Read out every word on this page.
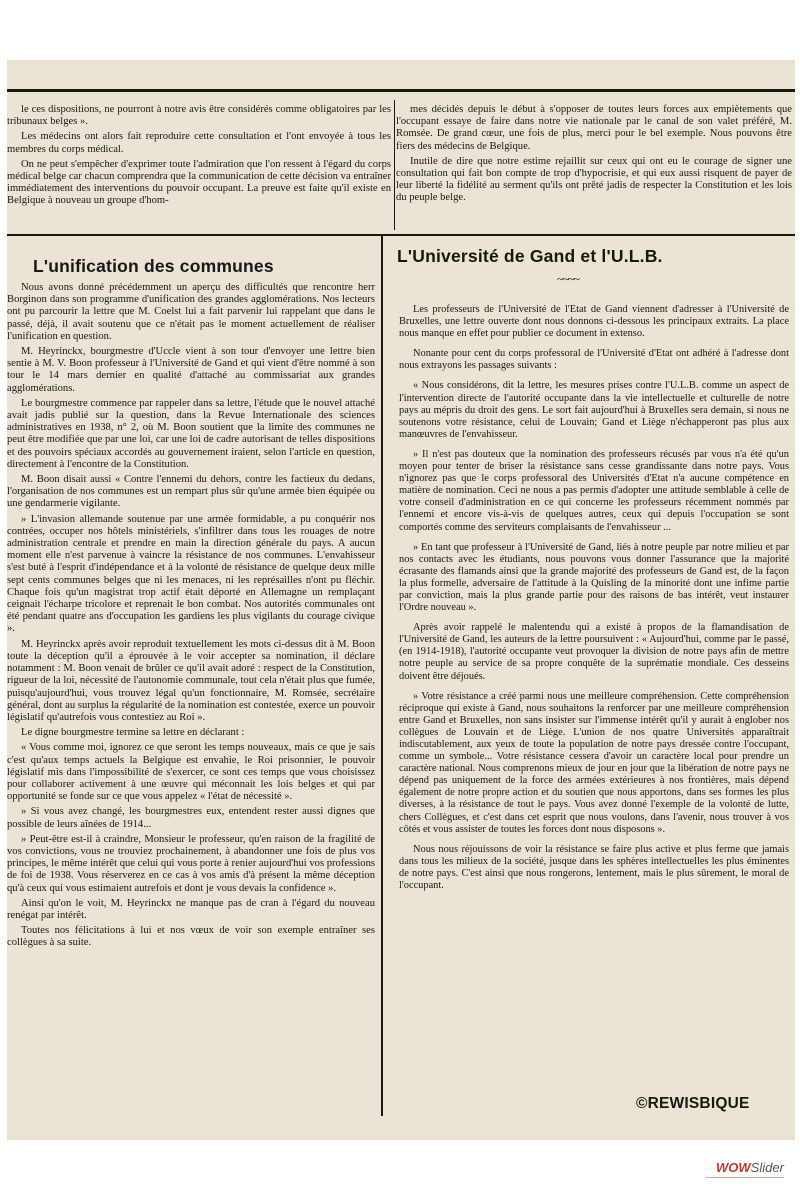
le ces dispositions, ne pourront à notre avis être considérés comme obligatoires par les tribunaux belges ».

Les médecins ont alors fait reproduire cette consultation et l'ont envoyée à tous les membres du corps médical.

On ne peut s'empêcher d'exprimer toute l'admiration que l'on ressent à l'égard du corps médical belge car chacun comprendra que la communication de cette décision va entraîner immédiatement des interventions du pouvoir occupant. La preuve est faite qu'il existe en Belgique à nouveau un groupe d'hom-

mes décidés depuis le début à s'opposer de toutes leurs forces aux empiètements que l'occupant essaye de faire dans notre vie nationale par le canal de son valet préféré, M. Romsée. De grand cœur, une fois de plus, merci pour le bel exemple. Nous pouvons être fiers des médecins de Belgique.

Inutile de dire que notre estime rejaillit sur ceux qui ont eu le courage de signer une consultation qui fait bon compte de trop d'hypocrisie, et qui eux aussi risquent de payer de leur liberté la fidélité au serment qu'ils ont prêté jadis de respecter la Constitution et les lois du peuple belge.

L'unification des communes

Nous avons donné précédemment un aperçu des difficultés que rencontre herr Borginon dans son programme d'unification des grandes agglomérations. Nos lecteurs ont pu parcourir la lettre que M. Coelst lui a fait parvenir lui rappelant que dans le passé, déjà, il avait soutenu que ce n'était pas le moment actuellement de réaliser l'unification en question.

M. Heyrinckx, bourgmestre d'Uccle vient à son tour d'envoyer une lettre bien sentie à M. V. Boon professeur à l'Université de Gand et qui vient d'être nommé à son tour le 14 mars dernier en qualité d'attaché au commissariat aux grandes agglomérations.

Le bourgmestre commence par rappeler dans sa lettre, l'étude que le nouvel attaché avait jadis publié sur la question, dans la Revue Internationale des sciences administratives en 1938, n° 2, où M. Boon soutient que la limite des communes ne peut être modifiée que par une loi, car une loi de cadre autorisant de telles dispositions et des pouvoirs spéciaux accordés au gouvernement iraient, selon l'article en question, directement à l'encontre de la Constitution.

M. Boon disait aussi « Contre l'ennemi du dehors, contre les factieux du dedans, l'organisation de nos communes est un rempart plus sûr qu'une armée bien équipée ou une gendarmerie vigilante.

» L'invasion allemande soutenue par une armée formidable, a pu conquérir nos contrées, occuper nos hôtels ministériels, s'infiltrer dans tous les rouages de notre administration centrale et prendre en main la direction générale du pays. A aucun moment elle n'est parvenue à vaincre la résistance de nos communes. L'envahisseur s'est buté à l'esprit d'indépendance et à la volonté de résistance de quelque deux mille sept cents communes belges que ni les menaces, ni les représailles n'ont pu fléchir. Chaque fois qu'un magistrat trop actif était déporté en Allemagne un remplaçant ceignait l'écharpe tricolore et reprenait le bon combat. Nos autorités communales ont été pendant quatre ans d'occupation les gardiens les plus vigilants du courage civique ».

M. Heyrinckx après avoir reproduit textuellement les mots ci-dessus dit à M. Boon toute la déception qu'il a éprouvée à le voir accepter sa nomination, il déclare notamment : M. Boon venait de brûler ce qu'il avait adoré : respect de la Constitution, rigueur de la loi, nécessité de l'autonomie communale, tout cela n'était plus que fumée, puisqu'aujourd'hui, vous trouvez légal qu'un fonctionnaire, M. Romsée, secrétaire général, dont au surplus la régularité de la nomination est contestée, exerce un pouvoir législatif qu'autrefois vous contestiez au Roi ».

Le digne bourgmestre termine sa lettre en déclarant :

« Vous comme moi, ignorez ce que seront les temps nouveaux, mais ce que je sais c'est qu'aux temps actuels la Belgique est envahie, le Roi prisonnier, le pouvoir législatif mis dans l'impossibilité de s'exercer, ce sont ces temps que vous choisissez pour collaborer activement à une œuvre qui méconnait les lois belges et qui par opportunité se fonde sur ce que vous appelez « l'état de nécessité ».

» Si vous avez changé, les bourgmestres eux, entendent rester aussi dignes que possible de leurs aînées de 1914...

» Peut-être est-il à craindre, Monsieur le professeur, qu'en raison de la fragilité de vos convictions, vous ne trouviez prochainement, à abandonner une fois de plus vos principes, le même intérêt que celui qui vous porte à renier aujourd'hui vos professions de foi de 1938. Vous réserverez en ce cas à vos amis d'à présent la même déception qu'à ceux qui vous estimaient autrefois et dont je vous devais la confidence ».

Ainsi qu'on le voit, M. Heyrinckx ne manque pas de cran à l'égard du nouveau renégat par intérêt.

Toutes nos félicitations à lui et nos vœux de voir son exemple entraîner ses collègues à sa suite.

L'Université de Gand et l'U.L.B.
~~~~

Les professeurs de l'Université de l'Etat de Gand viennent d'adresser à l'Université de Bruxelles, une lettre ouverte dont nous donnons ci-dessous les principaux extraits. La place nous manque en effet pour publier ce document in extenso.

Nonante pour cent du corps professoral de l'Université d'Etat ont adhéré à l'adresse dont nous extrayons les passages suivants :

« Nous considérons, dit la lettre, les mesures prises contre l'U.L.B. comme un aspect de l'intervention directe de l'autorité occupante dans la vie intellectuelle et culturelle de notre pays au mépris du droit des gens. Le sort fait aujourd'hui à Bruxelles sera demain, si nous ne soutenons votre résistance, celui de Louvain; Gand et Liège n'échapperont pas plus aux manœuvres de l'envahisseur.

» Il n'est pas douteux que la nomination des professeurs récusés par vous n'a été qu'un moyen pour tenter de briser la résistance sans cesse grandissante dans notre pays. Vous n'ignorez pas que le corps professoral des Universités d'Etat n'a aucune compétence en matière de nomination. Ceci ne nous a pas permis d'adopter une attitude semblable à celle de votre conseil d'administration en ce qui concerne les professeurs récemment nommés par l'ennemi et encore vis-à-vis de quelques autres, ceux qui depuis l'occupation se sont comportés comme des serviteurs complaisants de l'envahisseur ...

» En tant que professeur à l'Université de Gand, liés à notre peuple par notre milieu et par nos contacts avec les étudiants, nous pouvons vous donner l'assurance que la majorité écrasante des flamands ainsi que la grande majorité des professeurs de Gand est, de la façon la plus formelle, adversaire de l'attitude à la Quisling de la minorité dont une infime partie par conviction, mais la plus grande partie pour des raisons de bas intérêt, veut instaurer l'Ordre nouveau ».

Après avoir rappelé le malentendu qui a existé à propos de la flamandisation de l'Université de Gand, les auteurs de la lettre poursuivent : « Aujourd'hui, comme par le passé, (en 1914-1918), l'autorité occupante veut provoquer la division de notre pays afin de mettre notre peuple au service de sa propre conquête de la suprématie mondiale. Ces desseins doivent être déjoués.

» Votre résistance a créé parmi nous une meilleure compréhension. Cette compréhension réciproque qui existe à Gand, nous souhaitons la renforcer par une meilleure compréhension entre Gand et Bruxelles, non sans insister sur l'immense intérêt qu'il y aurait à englober nos collègues de Louvain et de Liège. L'union de nos quatre Universités apparaîtrait indiscutablement, aux yeux de toute la population de notre pays dressée contre l'occupant, comme un symbole... Votre résistance cessera d'avoir un caractère local pour prendre un caractère national. Nous comprenons mieux de jour en jour que la libération de notre pays ne dépend pas uniquement de la force des armées extérieures à nos frontières, mais dépend également de notre propre action et du soutien que nous apportons, dans ses formes les plus diverses, à la résistance de tout le pays. Vous avez donné l'exemple de la volonté de lutte, chers Collègues, et c'est dans cet esprit que nous voulons, dans l'avenir, nous trouver à vos côtés et vous assister de toutes les forces dont nous disposons ».

Nous nous réjouissons de voir la résistance se faire plus active et plus ferme que jamais dans tous les milieux de la société, jusque dans les sphères intellectuelles les plus éminentes de notre pays. C'est ainsi que nous rongerons, lentement, mais le plus sûrement, le moral de l'occupant.

©REWISBIQUE
WOWSlider
